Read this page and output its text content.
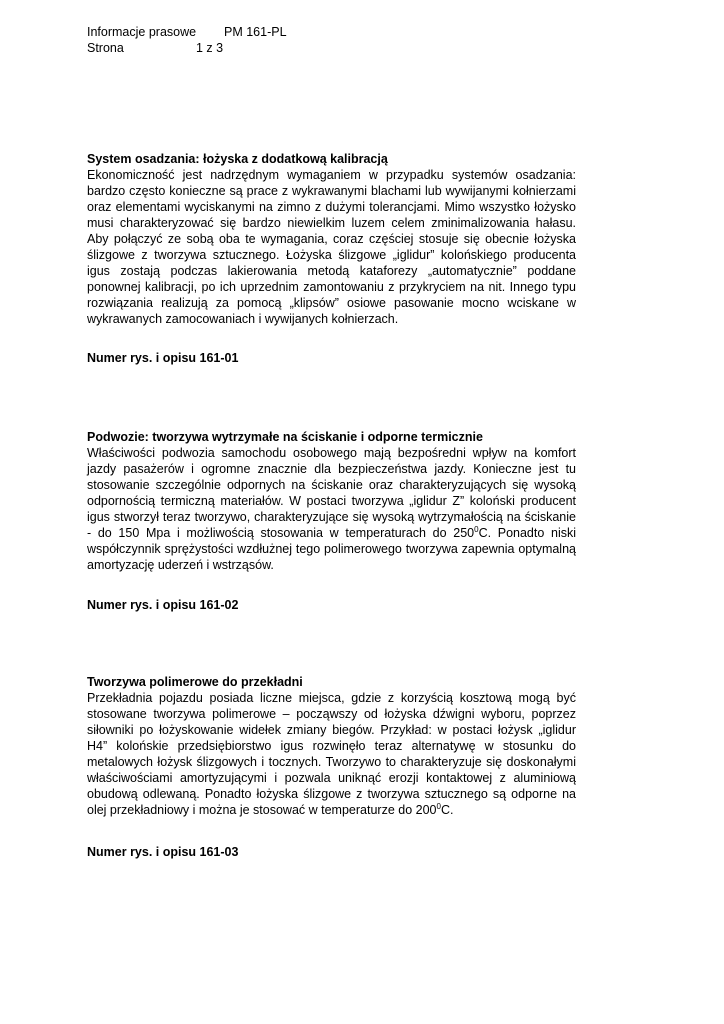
Informacje prasowe PM 161-PL
Strona	1 z 3

System osadzania: łożyska z dodatkową kalibracją

Ekonomiczność jest nadrzędnym wymaganiem w przypadku systemów osadzania: bardzo często konieczne są prace z wykrawanymi blachami lub wywijanymi kołnierzami oraz elementami wyciskanymi na zimno z dużymi tolerancjami. Mimo wszystko łożysko musi charakteryzować się bardzo niewielkim luzem celem zminimalizowania hałasu. Aby połączyć ze sobą oba te wymagania, coraz częściej stosuje się obecnie łożyska ślizgowe z tworzywa sztucznego. Łożyska ślizgowe „iglidur” kolońskiego producenta igus zostają podczas lakierowania metodą kataforezy „automatycznie” poddane ponownej kalibracji, po ich uprzednim zamontowaniu z przykryciem na nit. Innego typu rozwiązania realizują za pomocą „klipsów” osiowe pasowanie mocno wciskane w wykrawanych zamocowaniach i wywijanych kołnierzach.

Numer rys. i opisu 161-01

Podwozie: tworzywa wytrzymałe na ściskanie i odporne termicznie

Właściwości podwozia samochodu osobowego mają bezpośredni wpływ na komfort jazdy pasażerów i ogromne znacznie dla bezpieczeństwa jazdy. Konieczne jest tu stosowanie szczególnie odpornych na ściskanie oraz charakteryzujących się wysoką odpornością termiczną materiałów. W postaci tworzywa „iglidur Z” koloński producent igus stworzył teraz tworzywo, charakteryzujące się wysoką wytrzymałością na ściskanie - do 150 Mpa i możliwością stosowania w temperaturach do $250^0C$. Ponadto niski współczynnik sprężystości wzdłużnej tego polimerowego tworzywa zapewnia optymalną amortyzację uderzeń i wstrząsów.

Numer rys. i opisu 161-02

Tworzywa polimerowe do przekładni

Przekładnia pojazdu posiada liczne miejsca, gdzie z korzyścią kosztową mogą być stosowane tworzywa polimerowe – począwszy od łożyska dźwigni wyboru, poprzez siłowniki po łożyskowanie widełek zmiany biegów. Przykład: w postaci łożysk „iglidur H4” kolońskie przedsiębiorstwo igus rozwinęło teraz alternatywę w stosunku do metalowych łożysk ślizgowych i tocznych. Tworzywo to charakteryzuje się doskonałymi właściwościami amortyzującymi i pozwala uniknąć erozji kontaktowej z aluminiową obudową odlewaną. Ponadto łożyska ślizgowe z tworzywa sztucznego są odporne na olej przekładniowy i można je stosować w temperaturze do $200^0C$.

Numer rys. i opisu 161-03
